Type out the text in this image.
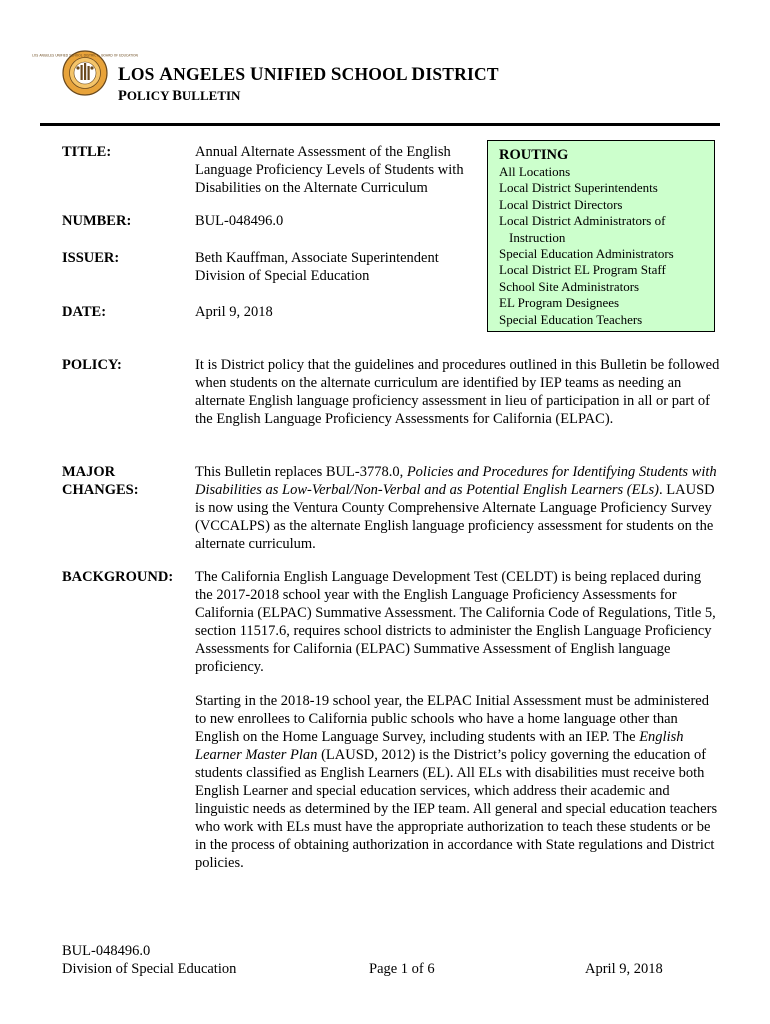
LOS ANGELES UNIFIED SCHOOL DISTRICT · BOARD OF EDUCATION
LOS ANGELES UNIFIED SCHOOL DISTRICT
POLICY BULLETIN
TITLE:	Annual Alternate Assessment of the English
Language Proficiency Levels of Students with
Disabilities on the Alternate Curriculum
NUMBER:	BUL-048496.0
ISSUER:	Beth Kauffman, Associate Superintendent
Division of Special Education
DATE:	April 9, 2018
ROUTING
All Locations
Local District Superintendents
Local District Directors
Local District Administrators of
Instruction
Special Education Administrators
Local District EL Program Staff
School Site Administrators
EL Program Designees
Special Education Teachers
POLICY:	It is District policy that the guidelines and procedures outlined in this Bulletin be followed when students on the alternate curriculum are identified by IEP teams as needing an alternate English language proficiency assessment in lieu of participation in all or part of the English Language Proficiency Assessments for California (ELPAC).
MAJOR
CHANGES:
This Bulletin replaces BUL-3778.0, Policies and Procedures for Identifying Students with Disabilities as Low-Verbal/Non-Verbal and as Potential English Learners (ELs). LAUSD is now using the Ventura County Comprehensive Alternate Language Proficiency Survey (VCCALPS) as the alternate English language proficiency assessment for students on the alternate curriculum.
BACKGROUND: The California English Language Development Test (CELDT) is being replaced during the 2017-2018 school year with the English Language Proficiency Assessments for California (ELPAC) Summative Assessment. The California Code of Regulations, Title 5, section 11517.6, requires school districts to administer the English Language Proficiency Assessments for California (ELPAC) Summative Assessment of English language proficiency.
Starting in the 2018-19 school year, the ELPAC Initial Assessment must be administered to new enrollees to California public schools who have a home language other than English on the Home Language Survey, including students with an IEP. The English Learner Master Plan (LAUSD, 2012) is the District’s policy governing the education of students classified as English Learners (EL). All ELs with disabilities must receive both English Learner and special education services, which address their academic and linguistic needs as determined by the IEP team. All general and special education teachers who work with ELs must have the appropriate authorization to teach these students or be in the process of obtaining authorization in accordance with State regulations and District policies.
BUL-048496.0
Division of Special Education	Page 1 of 6	April 9, 2018
